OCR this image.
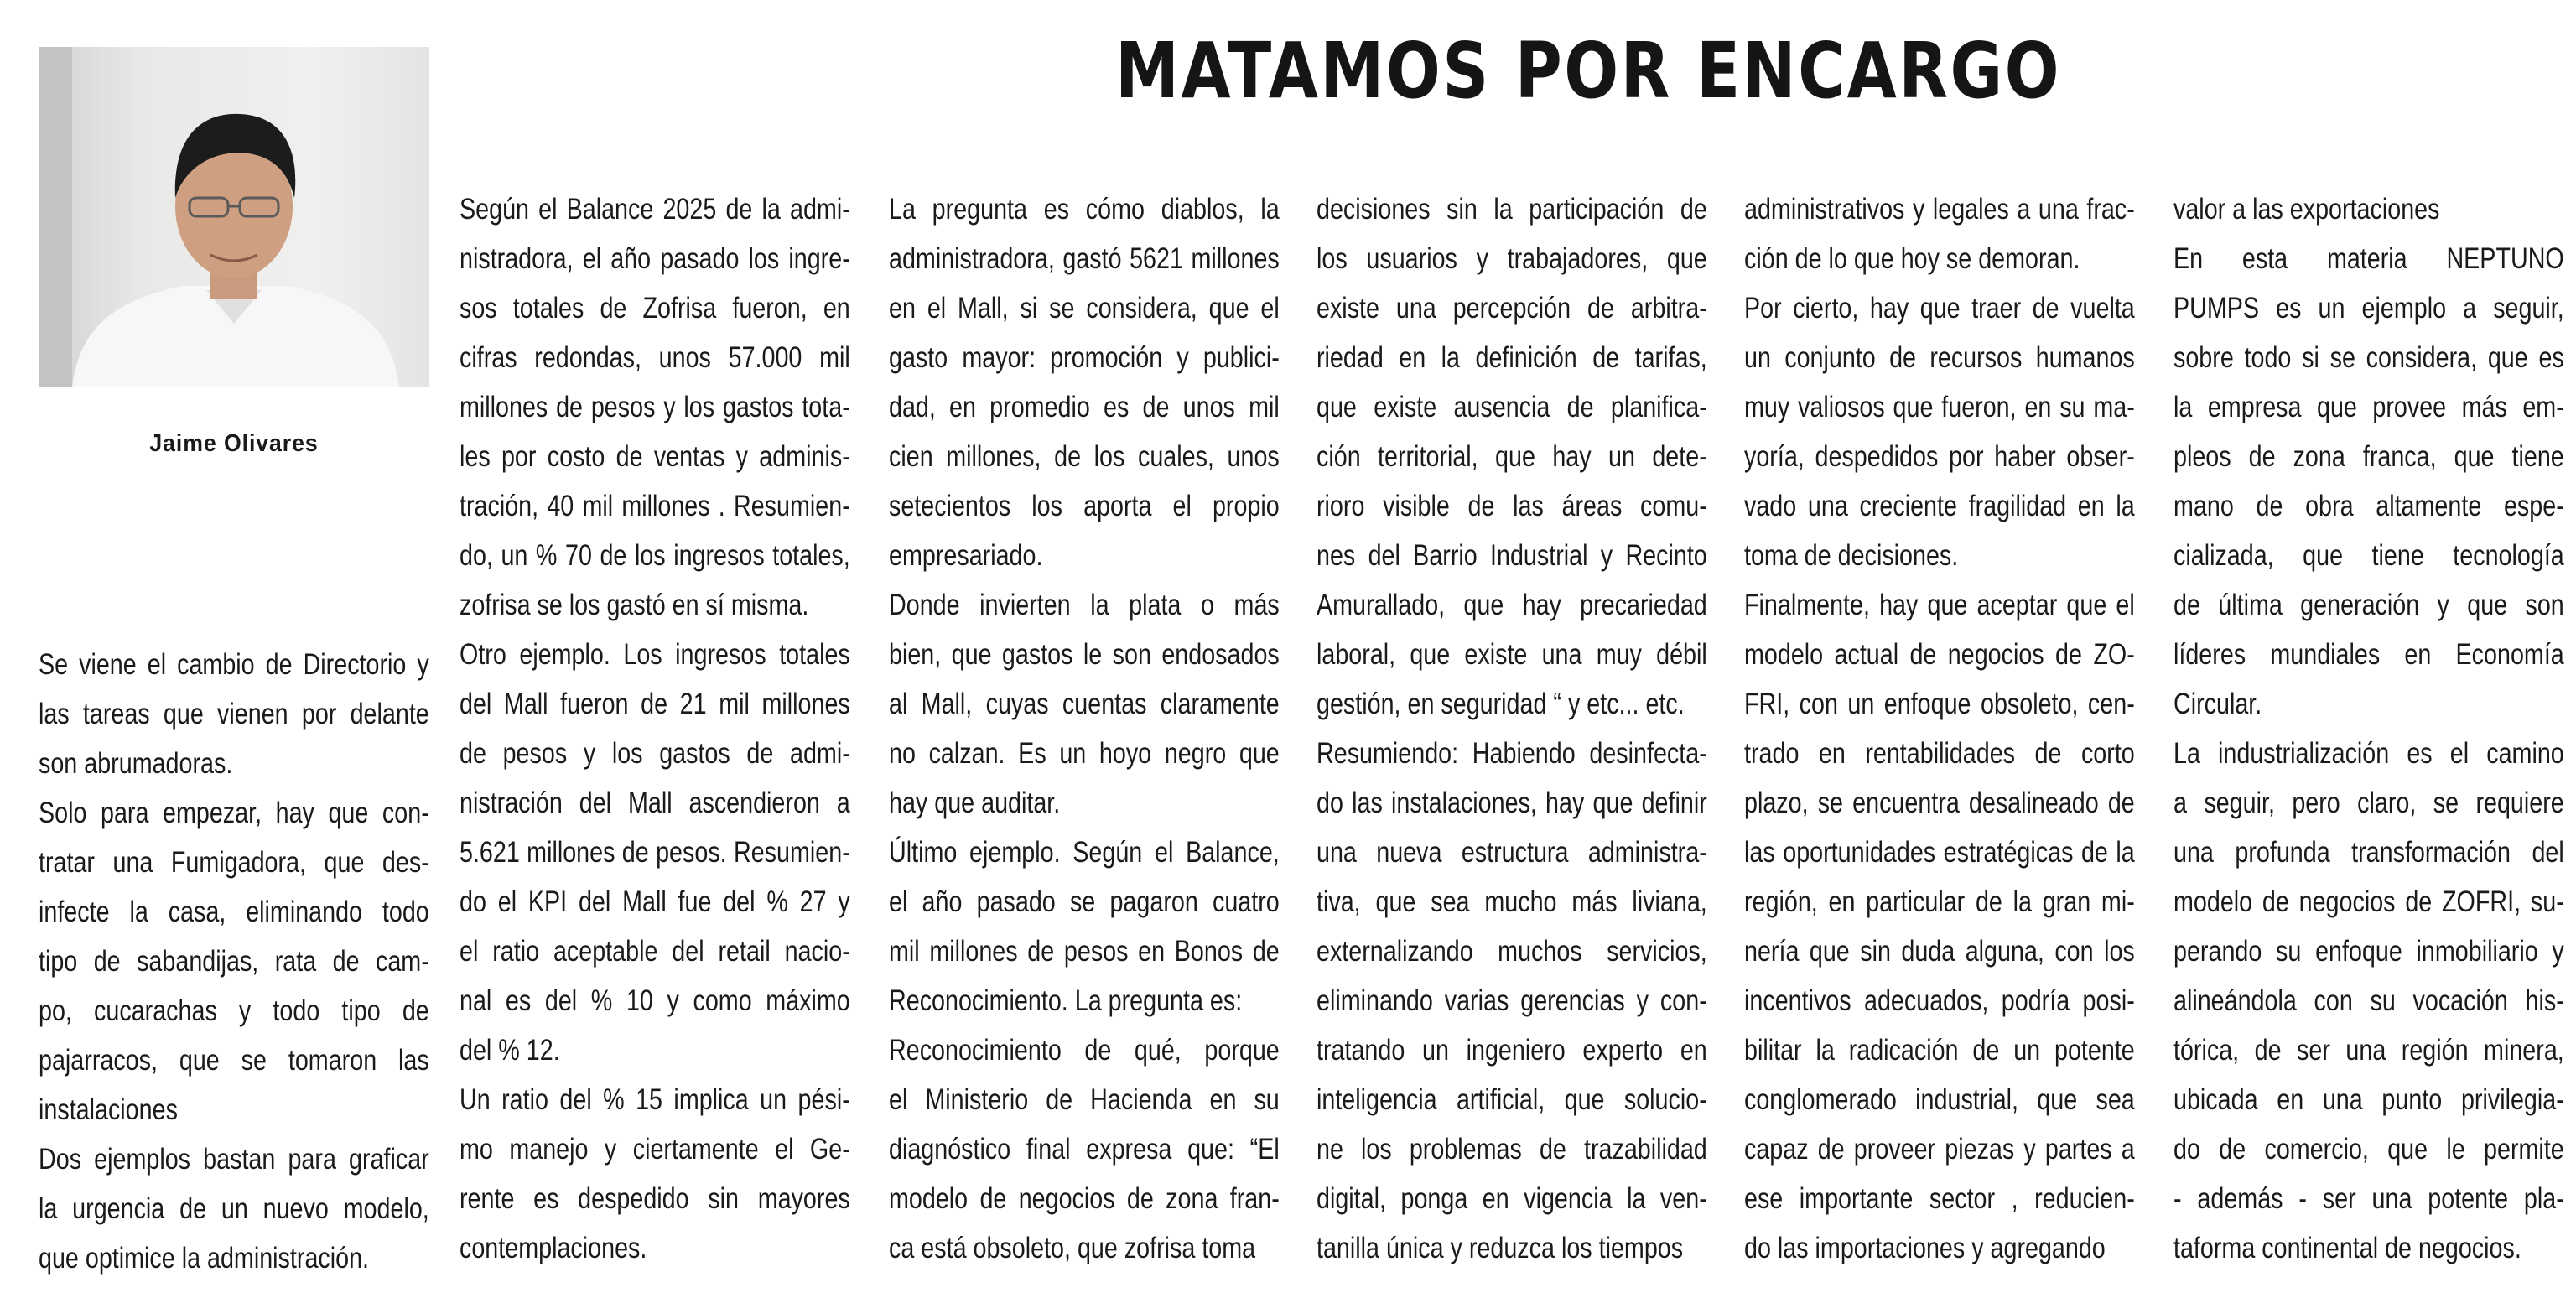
MATAMOS POR ENCARGO
Jaime Olivares
Se viene el cambio de Directorio y
las tareas que vienen por delante
son abrumadoras.
Solo para empezar, hay que con-
tratar una Fumigadora, que des-
infecte la casa, eliminando todo
tipo de sabandijas, rata de cam-
po, cucarachas y todo tipo de
pajarracos, que se tomaron las
instalaciones
Dos ejemplos bastan para graficar
la urgencia de un nuevo modelo,
que optimice la administración.
Según el Balance 2025 de la admi-
nistradora, el año pasado los ingre-
sos totales de Zofrisa fueron, en
cifras redondas, unos 57.000 mil
millones de pesos y los gastos tota-
les por costo de ventas y adminis-
tración, 40 mil millones . Resumien-
do, un % 70 de los ingresos totales,
zofrisa se los gastó en sí misma.
Otro ejemplo. Los ingresos totales
del Mall fueron de 21 mil millones
de pesos y los gastos de admi-
nistración del Mall ascendieron a
5.621 millones de pesos. Resumien-
do el KPI del Mall fue del % 27 y
el ratio aceptable del retail nacio-
nal es del % 10 y como máximo
del % 12.
Un ratio del % 15 implica un pési-
mo manejo y ciertamente el Ge-
rente es despedido sin mayores
contemplaciones.
La pregunta es cómo diablos, la
administradora, gastó 5621 millones
en el Mall, si se considera, que el
gasto mayor: promoción y publici-
dad, en promedio es de unos mil
cien millones, de los cuales, unos
setecientos los aporta el propio
empresariado.
Donde invierten la plata o más
bien, que gastos le son endosados
al Mall, cuyas cuentas claramente
no calzan. Es un hoyo negro que
hay que auditar.
Último ejemplo. Según el Balance,
el año pasado se pagaron cuatro
mil millones de pesos en Bonos de
Reconocimiento. La pregunta es:
Reconocimiento de qué, porque
el Ministerio de Hacienda en su
diagnóstico final expresa que: “El
modelo de negocios de zona fran-
ca está obsoleto, que zofrisa toma
decisiones sin la participación de
los usuarios y trabajadores, que
existe una percepción de arbitra-
riedad en la definición de tarifas,
que existe ausencia de planifica-
ción territorial, que hay un dete-
rioro visible de las áreas comu-
nes del Barrio Industrial y Recinto
Amurallado, que hay precariedad
laboral, que existe una muy débil
gestión, en seguridad “ y etc... etc.
Resumiendo: Habiendo desinfecta-
do las instalaciones, hay que definir
una nueva estructura administra-
tiva, que sea mucho más liviana,
externalizando muchos servicios,
eliminando varias gerencias y con-
tratando un ingeniero experto en
inteligencia artificial, que solucio-
ne los problemas de trazabilidad
digital, ponga en vigencia la ven-
tanilla única y reduzca los tiempos
administrativos y legales a una frac-
ción de lo que hoy se demoran.
Por cierto, hay que traer de vuelta
un conjunto de recursos humanos
muy valiosos que fueron, en su ma-
yoría, despedidos por haber obser-
vado una creciente fragilidad en la
toma de decisiones.
Finalmente, hay que aceptar que el
modelo actual de negocios de ZO-
FRI, con un enfoque obsoleto, cen-
trado en rentabilidades de corto
plazo, se encuentra desalineado de
las oportunidades estratégicas de la
región, en particular de la gran mi-
nería que sin duda alguna, con los
incentivos adecuados, podría posi-
bilitar la radicación de un potente
conglomerado industrial, que sea
capaz de proveer piezas y partes a
ese importante sector , reducien-
do las importaciones y agregando
valor a las exportaciones
En esta materia NEPTUNO
PUMPS es un ejemplo a seguir,
sobre todo si se considera, que es
la empresa que provee más em-
pleos de zona franca, que tiene
mano de obra altamente espe-
cializada, que tiene tecnología
de última generación y que son
líderes mundiales en Economía
Circular.
La industrialización es el camino
a seguir, pero claro, se requiere
una profunda transformación del
modelo de negocios de ZOFRI, su-
perando su enfoque inmobiliario y
alineándola con su vocación his-
tórica, de ser una región minera,
ubicada en una punto privilegia-
do de comercio, que le permite
- además - ser una potente pla-
taforma continental de negocios.
